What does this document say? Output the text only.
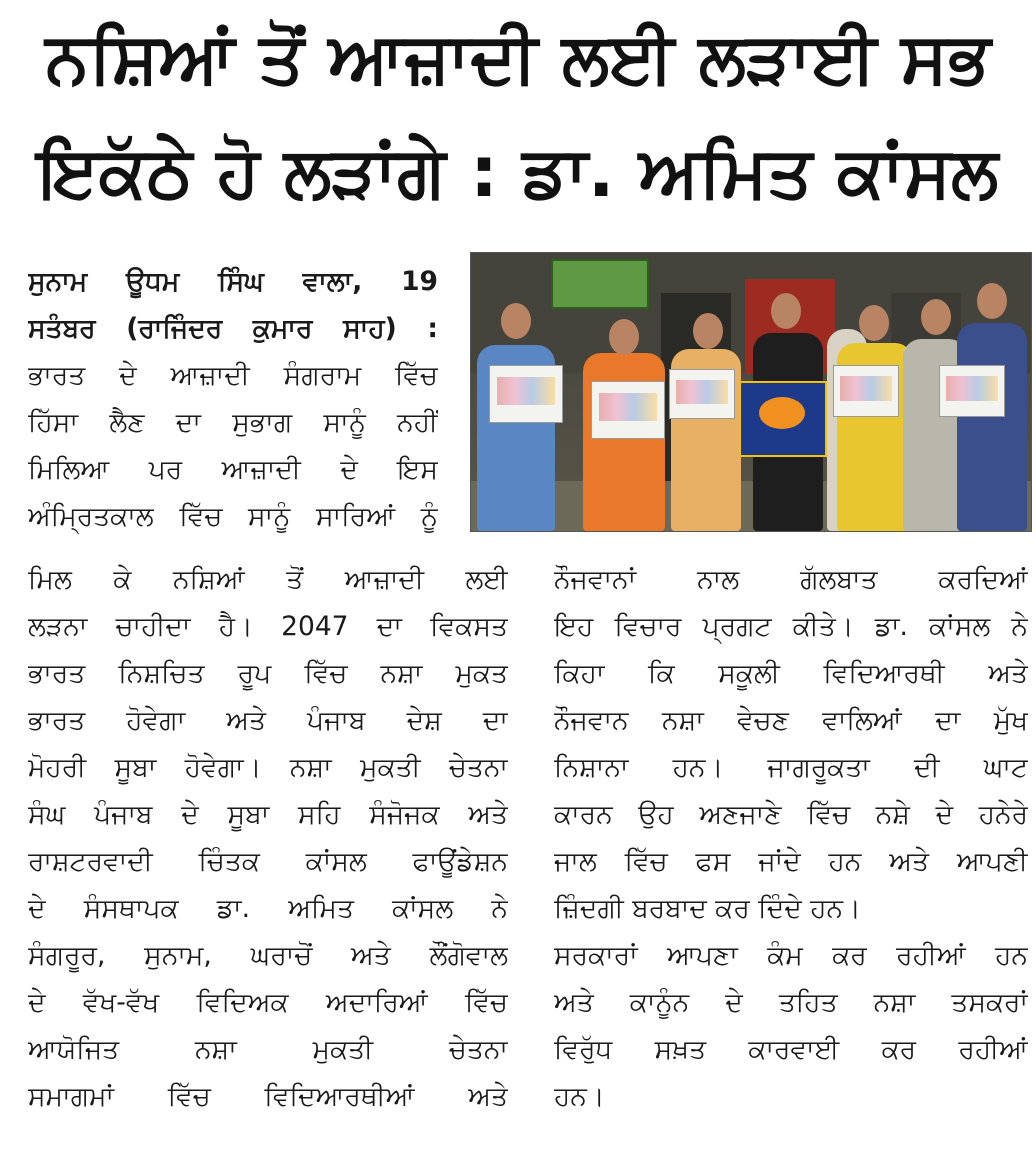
ਨਸ਼ਿਆਂ ਤੋਂ ਆਜ਼ਾਦੀ ਲਈ ਲੜਾਈ ਸਭ
ਇਕੱਠੇ ਹੋ ਲੜਾਂਗੇ : ਡਾ. ਅਮਿਤ ਕਾਂਸਲ
ਸੁਨਾਮ ਊਧਮ ਸਿੰਘ ਵਾਲਾ, 19
ਸਤੰਬਰ (ਰਾਜਿੰਦਰ ਕੁਮਾਰ ਸਾਹ) :
ਭਾਰਤ ਦੇ ਆਜ਼ਾਦੀ ਸੰਗਰਾਮ ਵਿੱਚ
ਹਿੱਸਾ ਲੈਣ ਦਾ ਸੁਭਾਗ ਸਾਨੂੰ ਨਹੀਂ
ਮਿਲਿਆ ਪਰ ਆਜ਼ਾਦੀ ਦੇ ਇਸ
ਅੰਮ੍ਰਿਤਕਾਲ ਵਿੱਚ ਸਾਨੂੰ ਸਾਰਿਆਂ ਨੂੰ
ਮਿਲ ਕੇ ਨਸ਼ਿਆਂ ਤੋਂ ਆਜ਼ਾਦੀ ਲਈ
ਲੜਨਾ ਚਾਹੀਦਾ ਹੈ। 2047 ਦਾ ਵਿਕਸਤ
ਭਾਰਤ ਨਿਸ਼ਚਿਤ ਰੂਪ ਵਿੱਚ ਨਸ਼ਾ ਮੁਕਤ
ਭਾਰਤ ਹੋਵੇਗਾ ਅਤੇ ਪੰਜਾਬ ਦੇਸ਼ ਦਾ
ਮੋਹਰੀ ਸੂਬਾ ਹੋਵੇਗਾ। ਨਸ਼ਾ ਮੁਕਤੀ ਚੇਤਨਾ
ਸੰਘ ਪੰਜਾਬ ਦੇ ਸੂਬਾ ਸਹਿ ਸੰਜੋਜਕ ਅਤੇ
ਰਾਸ਼ਟਰਵਾਦੀ ਚਿੰਤਕ ਕਾਂਸਲ ਫਾਊਂਡੇਸ਼ਨ
ਦੇ ਸੰਸਥਾਪਕ ਡਾ. ਅਮਿਤ ਕਾਂਸਲ ਨੇ
ਸੰਗਰੂਰ, ਸੁਨਾਮ, ਘਰਾਚੋਂ ਅਤੇ ਲੌਂਗੋਵਾਲ
ਦੇ ਵੱਖ-ਵੱਖ ਵਿਦਿਅਕ ਅਦਾਰਿਆਂ ਵਿੱਚ
ਆਯੋਜਿਤ ਨਸ਼ਾ ਮੁਕਤੀ ਚੇਤਨਾ
ਸਮਾਗਮਾਂ ਵਿੱਚ ਵਿਦਿਆਰਥੀਆਂ ਅਤੇ
ਨੌਜਵਾਨਾਂ ਨਾਲ ਗੱਲਬਾਤ ਕਰਦਿਆਂ
ਇਹ ਵਿਚਾਰ ਪ੍ਰਗਟ ਕੀਤੇ। ਡਾ. ਕਾਂਸਲ ਨੇ
ਕਿਹਾ ਕਿ ਸਕੂਲੀ ਵਿਦਿਆਰਥੀ ਅਤੇ
ਨੌਜਵਾਨ ਨਸ਼ਾ ਵੇਚਣ ਵਾਲਿਆਂ ਦਾ ਮੁੱਖ
ਨਿਸ਼ਾਨਾ ਹਨ। ਜਾਗਰੂਕਤਾ ਦੀ ਘਾਟ
ਕਾਰਨ ਉਹ ਅਣਜਾਣੇ ਵਿੱਚ ਨਸ਼ੇ ਦੇ ਹਨੇਰੇ
ਜਾਲ ਵਿੱਚ ਫਸ ਜਾਂਦੇ ਹਨ ਅਤੇ ਆਪਣੀ
ਜ਼ਿੰਦਗੀ ਬਰਬਾਦ ਕਰ ਦਿੰਦੇ ਹਨ।
ਸਰਕਾਰਾਂ ਆਪਣਾ ਕੰਮ ਕਰ ਰਹੀਆਂ ਹਨ
ਅਤੇ ਕਾਨੂੰਨ ਦੇ ਤਹਿਤ ਨਸ਼ਾ ਤਸਕਰਾਂ
ਵਿਰੁੱਧ ਸਖ਼ਤ ਕਾਰਵਾਈ ਕਰ ਰਹੀਆਂ
ਹਨ।
